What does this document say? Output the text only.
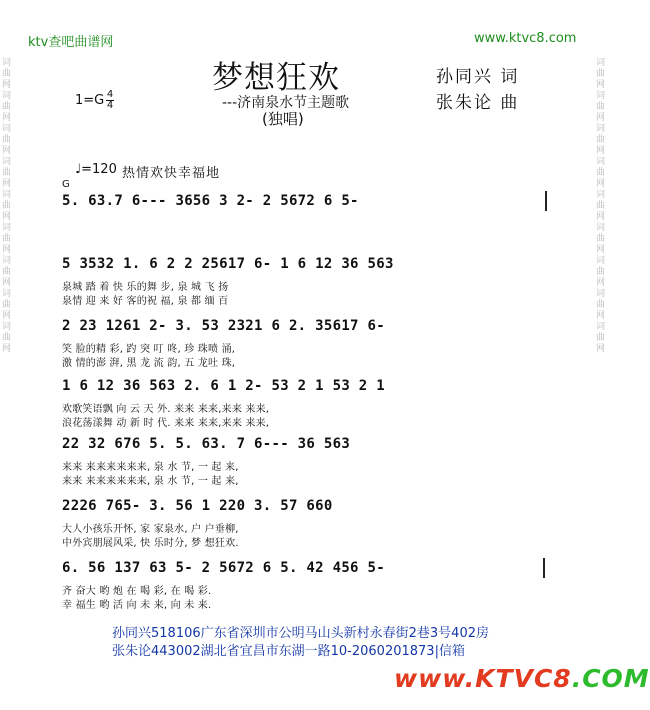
词曲网词曲网词曲网词曲网词曲网词曲网词曲网词曲网词曲网
词曲网词曲网词曲网词曲网词曲网词曲网词曲网词曲网词曲网
ktv查吧曲谱网	www.ktvc8.com
梦想狂欢
---济南泉水节主题歌
(独唱)
孙同兴 词
张朱论 曲
1=G 4
4
♩=120 热情欢快幸福地
G
5. 63.7 6--- 3656 3 2- 2 5672 6 5-
5 3532 1. 6 2 2 25617 6- 1 6 12 36 563
泉城 踏 着 快 乐的舞 步, 泉 城 飞 扬
泉情 迎 来 好 客的祝 福, 泉 都 缅 百
2 23 1261 2- 3. 53 2321 6 2. 35617 6-
笑 脸的精 彩, 趵 突 叮 咚, 珍 珠喷 涌,
激 情的澎 湃, 黑 龙 流 韵, 五 龙吐 珠,
1 6 12 36 563 2. 6 1 2- 53 2 1 53 2 1
欢歌笑语飘 向 云 天 外. 来来 来来,来来 来来,
浪花荡漾舞 动 新 时 代. 来来 来来,来来 来来,
22 32 676 5. 5. 63. 7 6--- 36 563
来来 来来来来来来, 泉 水 节, 一 起 来,
来来 来来来来来来, 泉 水 节, 一 起 来,
2226 765- 3. 56 1 220 3. 57 660
大人小孩乐开怀, 家 家泉水, 户 户垂柳,
中外宾朋展风采, 快 乐时分, 梦 想狂欢.
6. 56 137 63 5- 2 5672 6 5. 42 456 5-
齐 奋大 哟 炮 在 喝 彩, 在 喝 彩.
幸 福生 哟 活 向 未 来, 向 未 来.
孙同兴518106广东省深圳市公明马山头新村永春街2巷3号402房
张朱论443002湖北省宜昌市东湖一路10-2060201873|信箱
www.KTVC8.COM
